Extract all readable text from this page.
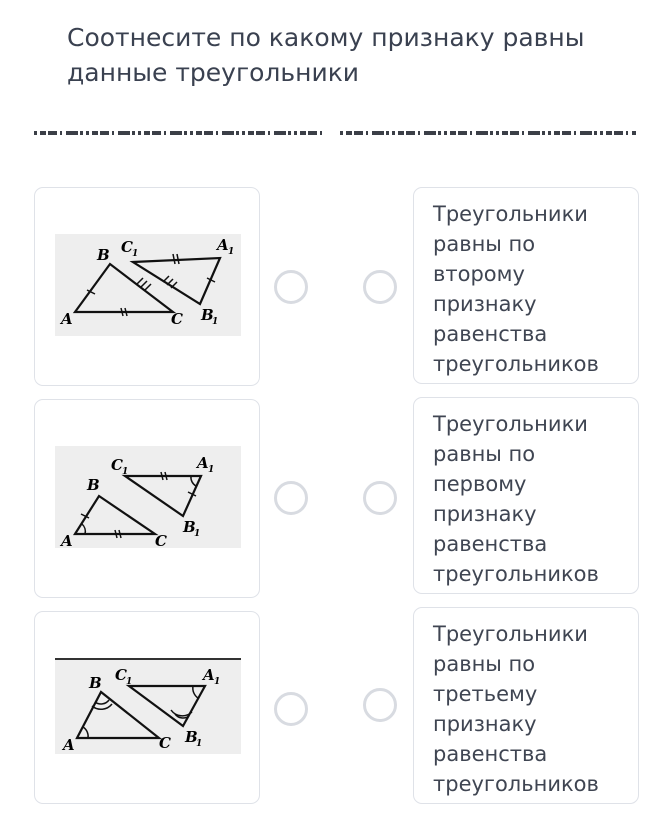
Соотнесите по какому признаку равны данные треугольники
A
B
C
C 1	A 1
B
1
Треугольники равны по второму признаку равенства треугольников
A
B
C
C 1	A 1
B
1
Треугольники равны по первому признаку равенства треугольников
A
B
C
C 1	A 1
B
1
Треугольники равны по третьему признаку равенства треугольников
